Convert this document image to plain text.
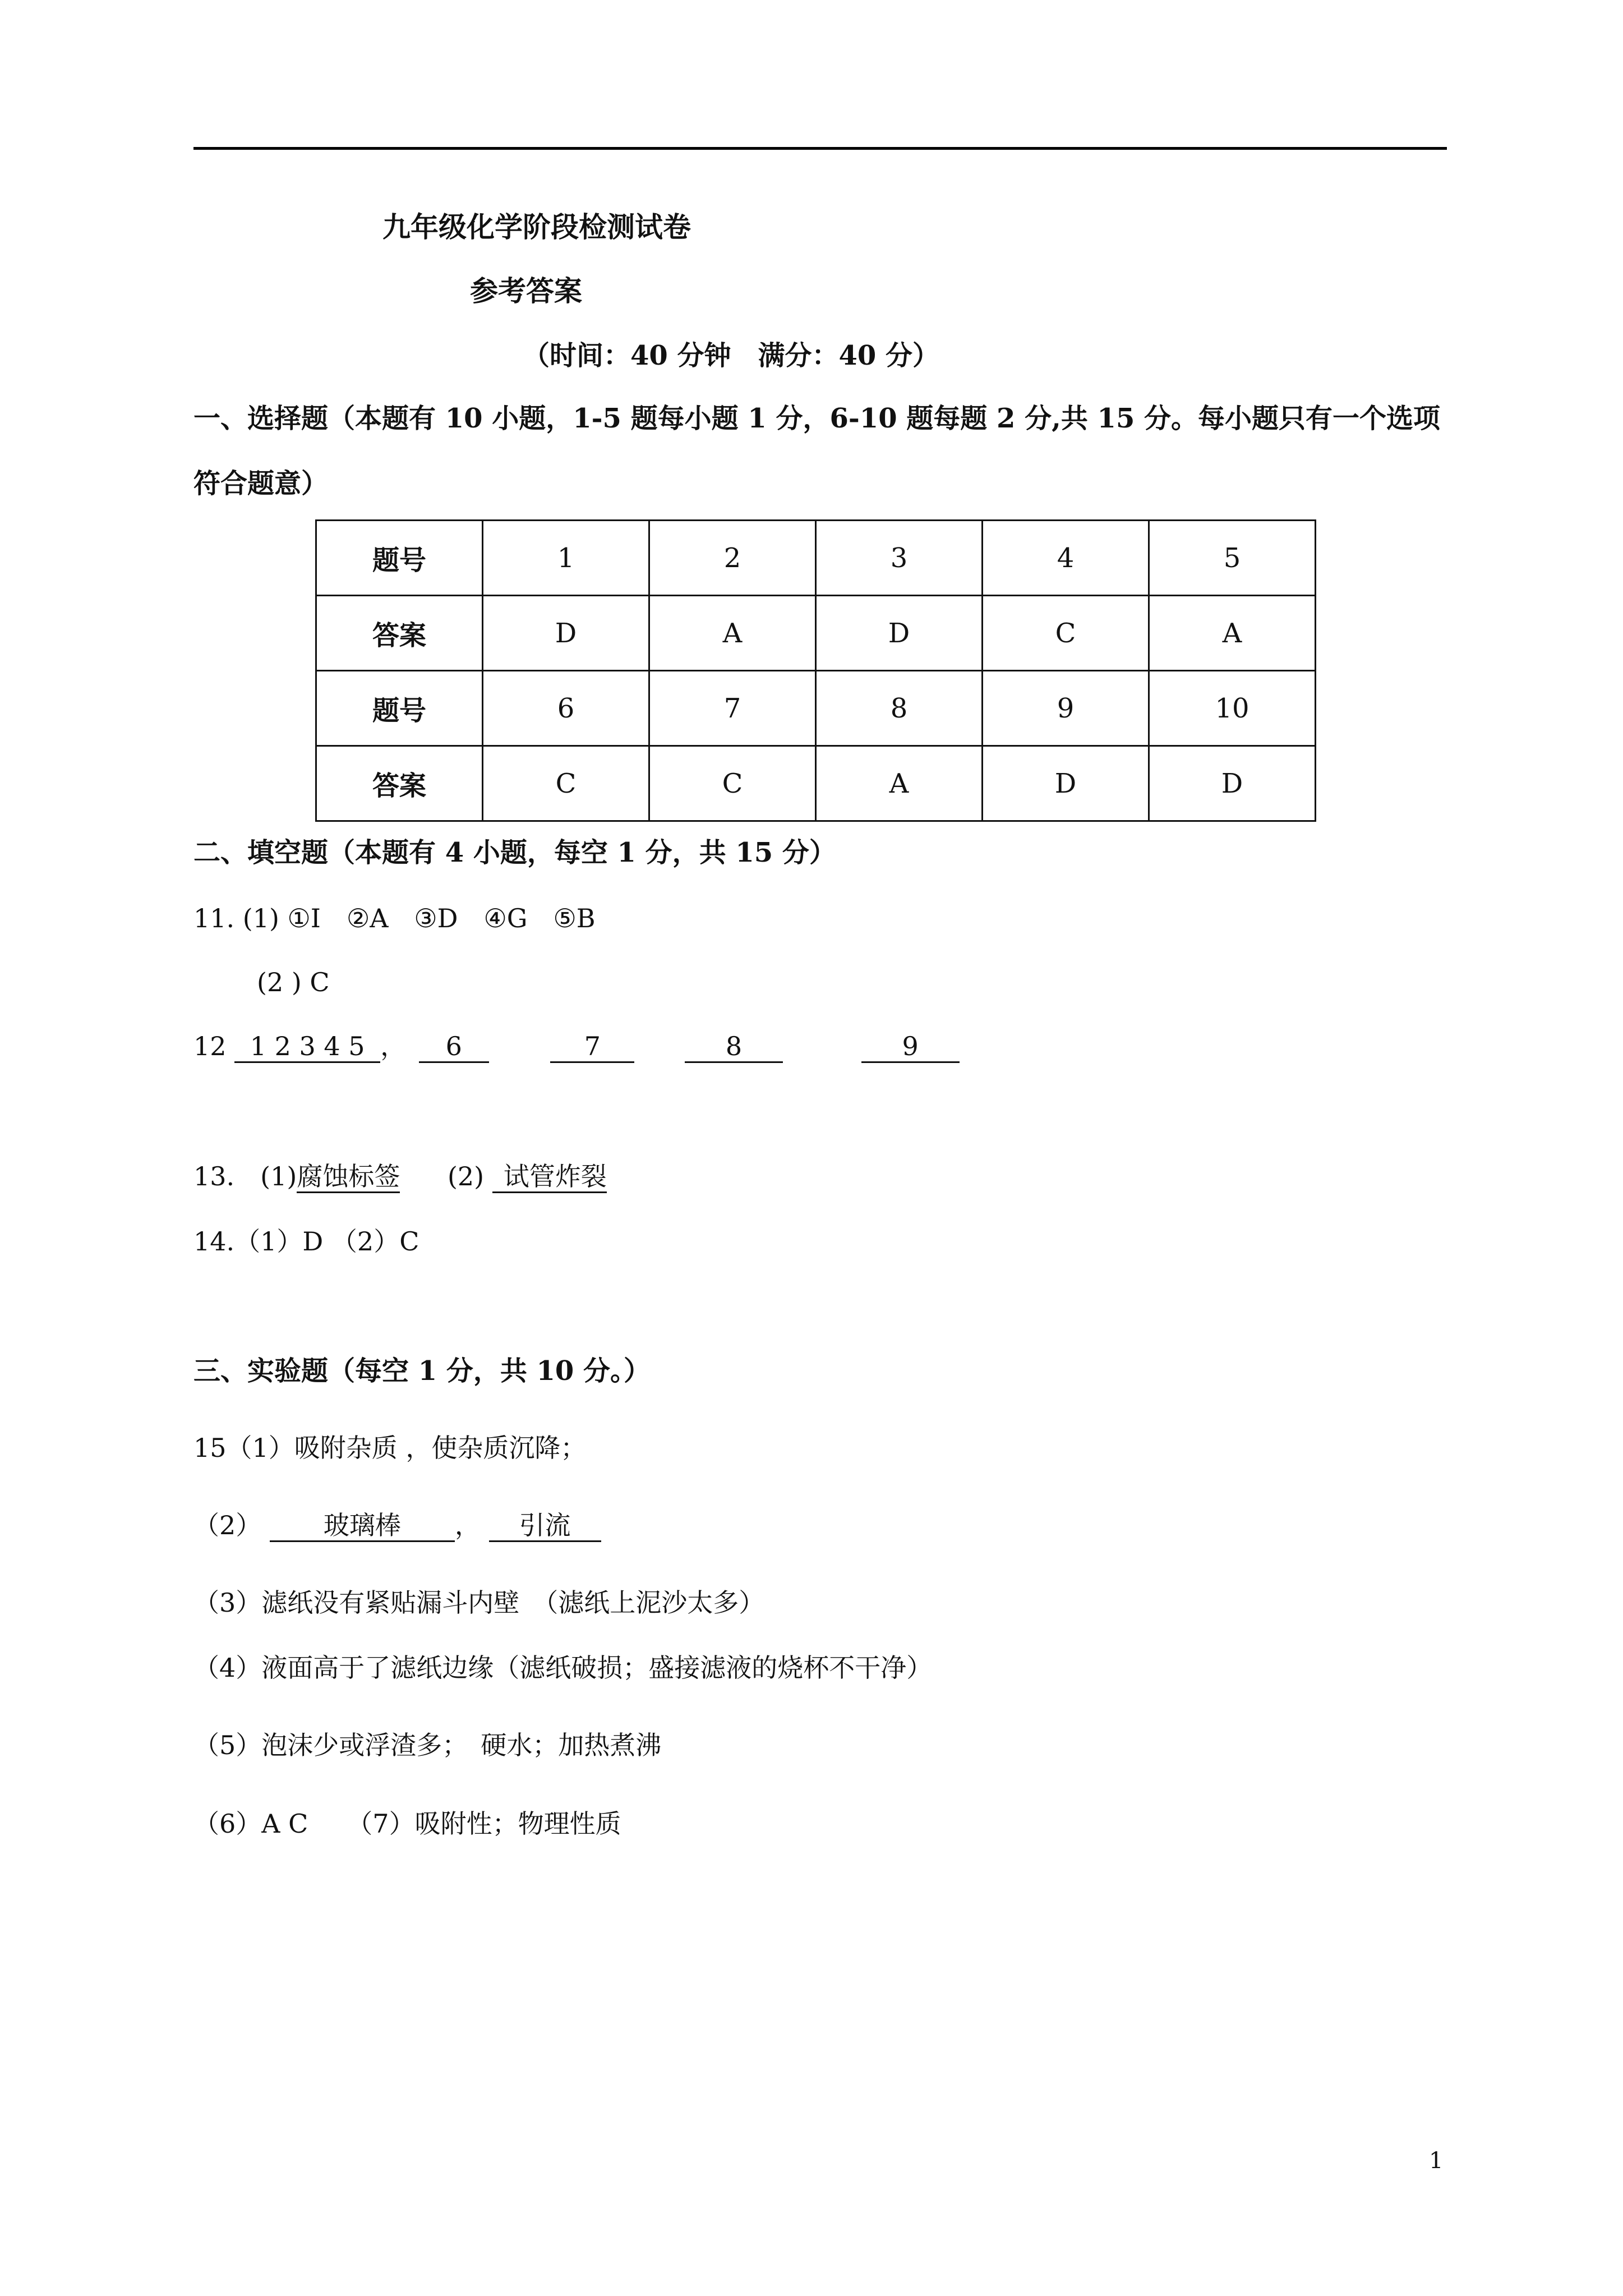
九年级化学阶段检测试卷
参考答案
（时间：40 分钟　满分：40 分）
一、选择题（本题有 10 小题，1-5 题每小题 1 分，6-10 题每题 2 分,共 15 分。每小题只有一个选项
符合题意）
题号	1	2	3	4	5
答案	D	A	D	C	A
题号	6	7	8	9	10
答案	C	C	A	D	D
二、填空题（本题有 4 小题，每空 1 分，共 15 分）
11. (1) ①I　②A　③D　④G　⑤B
(2 ) C
12 1 2 3 4 5 ， 6	7	8	9
13.　(1)腐蚀标签 (2) 试管炸裂
14.（1）D （2）C
三、实验题（每空 1 分，共 10 分。）
15（1）吸附杂质 ，使杂质沉降；
（2） 玻璃棒 ， 引流
（3）滤纸没有紧贴漏斗内壁　（滤纸上泥沙太多）
（4）液面高于了滤纸边缘（滤纸破损；盛接滤液的烧杯不干净）
（5）泡沫少或浮渣多；　硬水；加热煮沸
（6）A C　　（7）吸附性；物理性质
1
